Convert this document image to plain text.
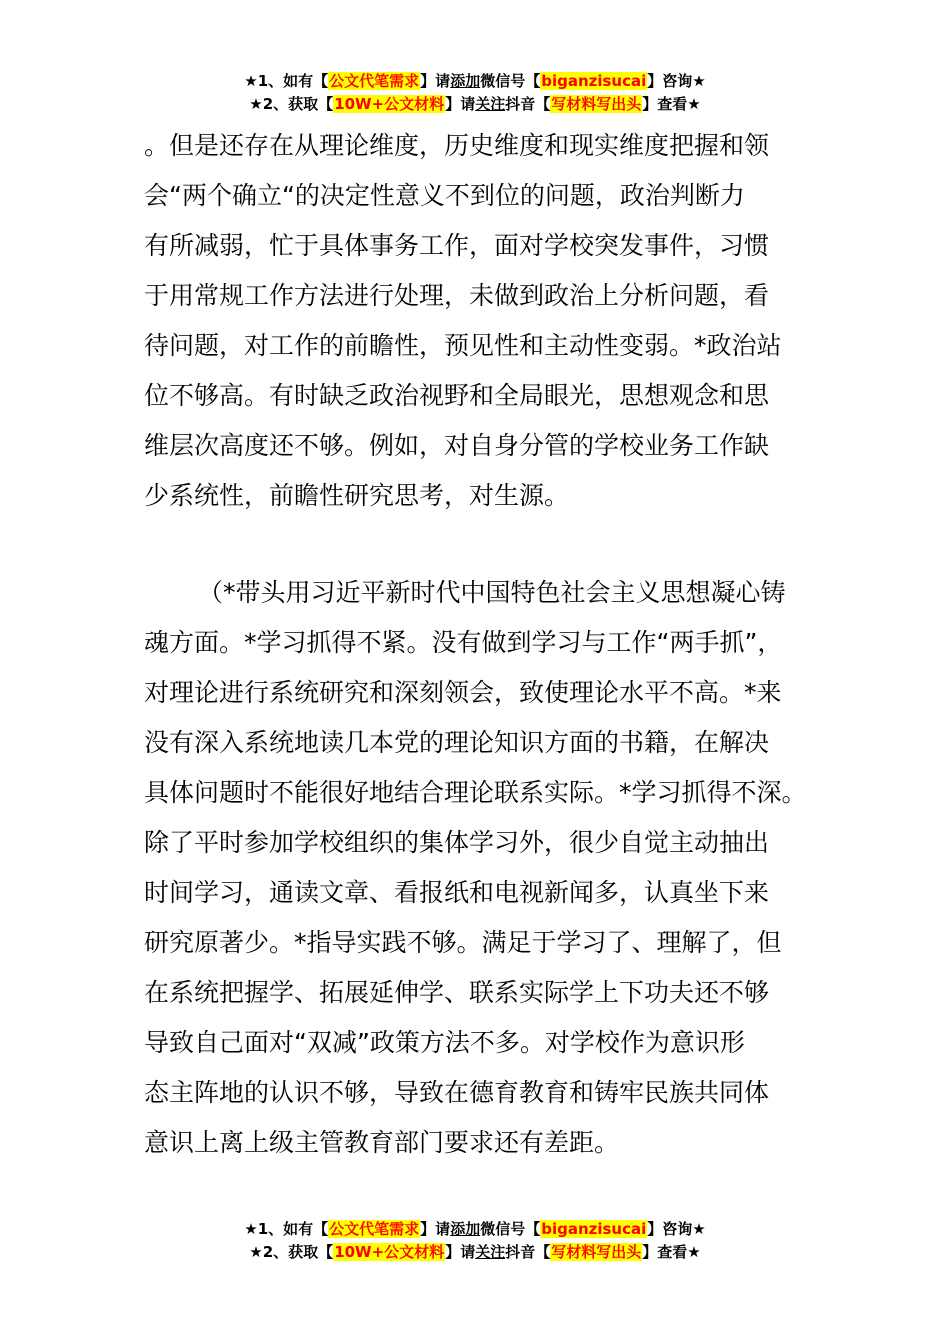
★1、如有【公文代笔需求】请添加微信号【biganzisucai】咨询★
★2、获取【10W+公文材料】请关注抖音【写材料写出头】查看★
。但是还存在从理论维度，历史维度和现实维度把握和领
会“两个确立“的决定性意义不到位的问题，政治判断力
有所减弱，忙于具体事务工作，面对学校突发事件，习惯
于用常规工作方法进行处理，未做到政治上分析问题，看
待问题，对工作的前瞻性，预见性和主动性变弱。*政治站
位不够高。有时缺乏政治视野和全局眼光，思想观念和思
维层次高度还不够。例如，对自身分管的学校业务工作缺
少系统性，前瞻性研究思考，对生源。
（*带头用习近平新时代中国特色社会主义思想凝心铸
魂方面。*学习抓得不紧。没有做到学习与工作“两手抓”，
对理论进行系统研究和深刻领会，致使理论水平不高。*来
没有深入系统地读几本党的理论知识方面的书籍，在解决
具体问题时不能很好地结合理论联系实际。*学习抓得不深。
除了平时参加学校组织的集体学习外，很少自觉主动抽出
时间学习，通读文章、看报纸和电视新闻多，认真坐下来
研究原著少。*指导实践不够。满足于学习了、理解了，但
在系统把握学、拓展延伸学、联系实际学上下功夫还不够
导致自己面对“双减”政策方法不多。对学校作为意识形
态主阵地的认识不够，导致在德育教育和铸牢民族共同体
意识上离上级主管教育部门要求还有差距。
★1、如有【公文代笔需求】请添加微信号【biganzisucai】咨询★
★2、获取【10W+公文材料】请关注抖音【写材料写出头】查看★
